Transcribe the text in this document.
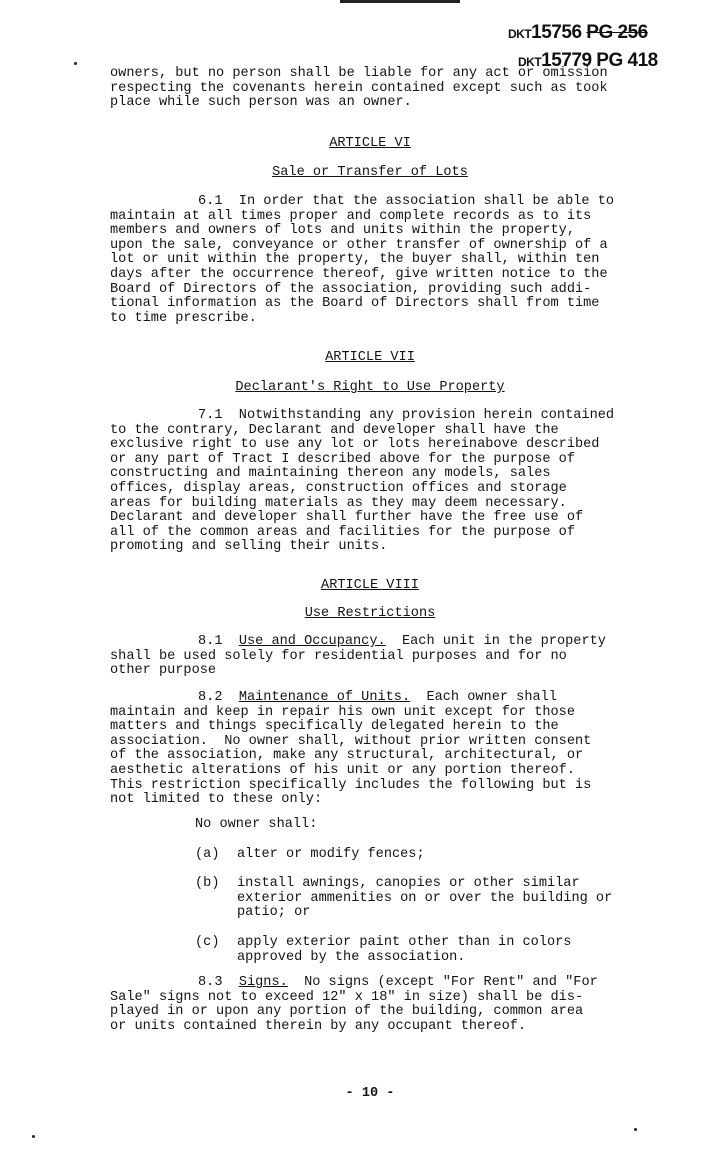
DKT15756 PG 256
DKT15779 PG 418

owners, but no person shall be liable for any act or omission
respecting the covenants herein contained except such as took
place while such person was an owner.

ARTICLE VI
Sale or Transfer of Lots

6.1  In order that the association shall be able to

maintain at all times proper and complete records as to its
members and owners of lots and units within the property,
upon the sale, conveyance or other transfer of ownership of a
lot or unit within the property, the buyer shall, within ten
days after the occurrence thereof, give written notice to the
Board of Directors of the association, providing such addi-
tional information as the Board of Directors shall from time
to time prescribe.

ARTICLE VII
Declarant's Right to Use Property

7.1  Notwithstanding any provision herein contained

to the contrary, Declarant and developer shall have the
exclusive right to use any lot or lots hereinabove described
or any part of Tract I described above for the purpose of
constructing and maintaining thereon any models, sales
offices, display areas, construction offices and storage
areas for building materials as they may deem necessary.
Declarant and developer shall further have the free use of
all of the common areas and facilities for the purpose of
promoting and selling their units.

ARTICLE VIII
Use Restrictions

8.1 Use and Occupancy.  Each unit in the property

shall be used solely for residential purposes and for no
other purpose

8.2 Maintenance of Units.  Each owner shall

maintain and keep in repair his own unit except for those
matters and things specifically delegated herein to the
association.  No owner shall, without prior written consent
of the association, make any structural, architectural, or
aesthetic alterations of his unit or any portion thereof.
This restriction specifically includes the following but is
not limited to these only:

No owner shall:

(a) alter or modify fences;
(b) install awnings, canopies or other similar
exterior ammenities on or over the building or
patio; or
(c) apply exterior paint other than in colors
approved by the association.

8.3 Signs.  No signs (except "For Rent" and "For

Sale" signs not to exceed 12" x 18" in size) shall be dis-
played in or upon any portion of the building, common area
or units contained therein by any occupant thereof.

- 10 -
